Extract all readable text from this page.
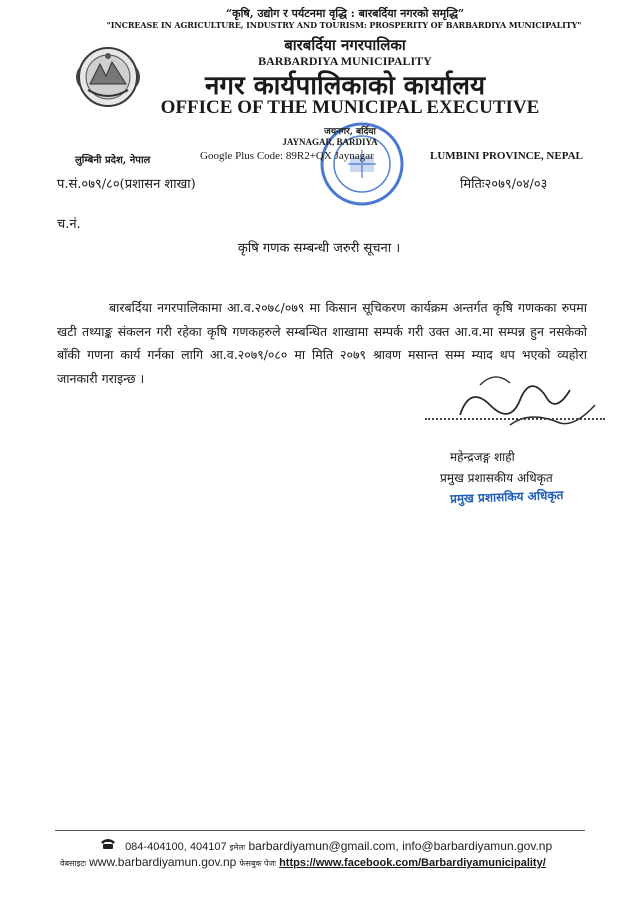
“कृषि, उद्योग र पर्यटनमा वृद्धि : बारबर्दिया नगरको समृद्धि”
"INCREASE IN AGRICULTURE, INDUSTRY AND TOURISM: PROSPERITY OF BARBARDIYA MUNICIPALITY"
बारबर्दिया नगरपालिका
BARBARDIYA MUNICIPALITY
नगर कार्यपालिकाको कार्यालय
OFFICE OF THE MUNICIPAL EXECUTIVE
जयनगर, बर्दिया
JAYNAGAR, BARDIYA
लुम्बिनी प्रदेश, नेपाल	Google Plus Code: 89R2+QX Jaynagar	LUMBINI PROVINCE, NEPAL
प.सं.०७९/८०(प्रशासन शाखा)	मितिः२०७९/०४/०३
च.नं.
कृषि गणक सम्बन्धी जरुरी सूचना ।
बारबर्दिया नगरपालिकामा आ.व.२०७८/०७९ मा किसान सूचिकरण कार्यक्रम अन्तर्गत कृषि गणकका रुपमा खटी तथ्याङ्क संकलन गरी रहेका कृषि गणकहरुले सम्बन्धित शाखामा सम्पर्क गरी उक्त आ.व.मा सम्पन्न हुन नसकेको बाँकी गणना कार्य गर्नका लागि आ.व.२०७९/०८० मा मिति २०७९ श्रावण मसान्त सम्म म्याद थप भएको व्यहोरा जानकारी गराइन्छ ।
महेन्द्रजङ्ग शाही
प्रमुख प्रशासकीय अधिकृत
प्रमुख प्रशासकिय अधिकृत
084-404100, 404107 इमेलः barbardiyamun@gmail.com, info@barbardiyamun.gov.np
वेबसाइटः www.barbardiyamun.gov.np फेसबुक पेजः https://www.facebook.com/Barbardiyamunicipality/
